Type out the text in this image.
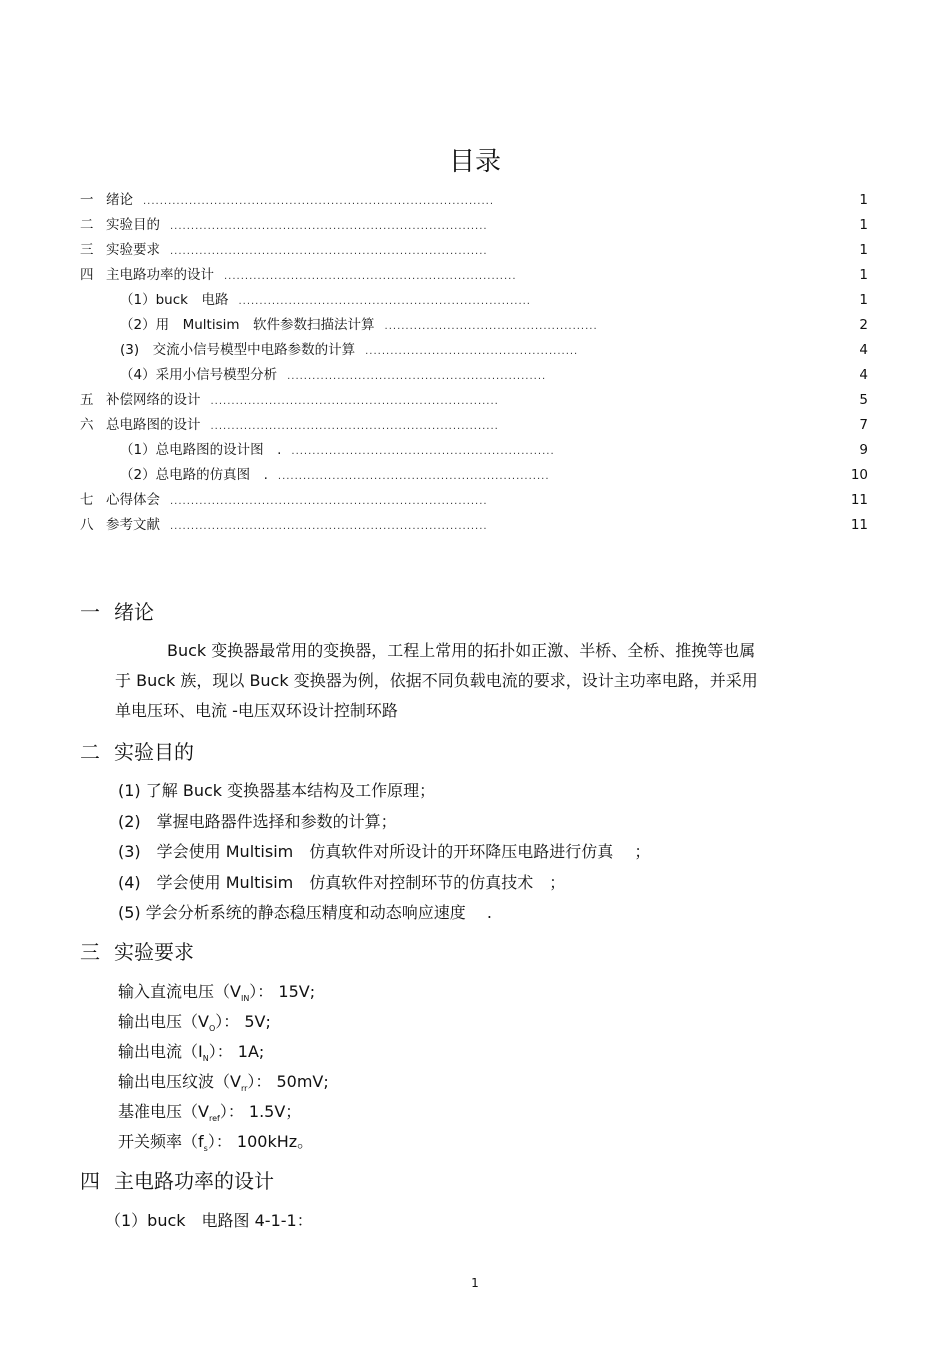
目录
一 绪论 ....................................................................................	1
二 实验目的 ............................................................................	1
三 实验要求 ............................................................................	1
四 主电路功率的设计 ......................................................................	1
（1）buck　电路 ......................................................................	1
（2）用　Multisim　软件参数扫描法计算 ...................................................	2
(3)　交流小信号模型中电路参数的计算 ...................................................	4
（4）采用小信号模型分析 ..............................................................	4
五 补偿网络的设计 .....................................................................	5
六 总电路图的设计 .....................................................................	7
（1）总电路图的设计图　. ...............................................................	9
（2）总电路的仿真图　. .................................................................	10
七 心得体会 ............................................................................	11
八 参考文献 ............................................................................	11
一 绪论
Buck 变换器最常用的变换器，工程上常用的拓扑如正激、半桥、全桥、推挽等也属
于 Buck 族，现以 Buck 变换器为例，依据不同负载电流的要求，设计主功率电路，并采用
单电压环、电流 -电压双环设计控制环路
二 实验目的
(1) 了解 Buck 变换器基本结构及工作原理；
(2)　掌握电路器件选择和参数的计算；
(3)　学会使用 Multisim　仿真软件对所设计的开环降压电路进行仿真　 ；
(4)　学会使用 Multisim　仿真软件对控制环节的仿真技术　；
(5) 学会分析系统的静态稳压精度和动态响应速度　 .
三 实验要求
输入直流电压$(V_{IN})$： 15V;
输出电压$(V_O)$： 5V;
输出电流$(I_N)$： 1A;
输出电压纹波$(V_{rr})$： 50mV;
基准电压$(V_{ref})$： 1.5V；
开关频率$(f_s)$： 100kHz。
四 主电路功率的设计
（1）buck　电路图 4-1-1：
1
